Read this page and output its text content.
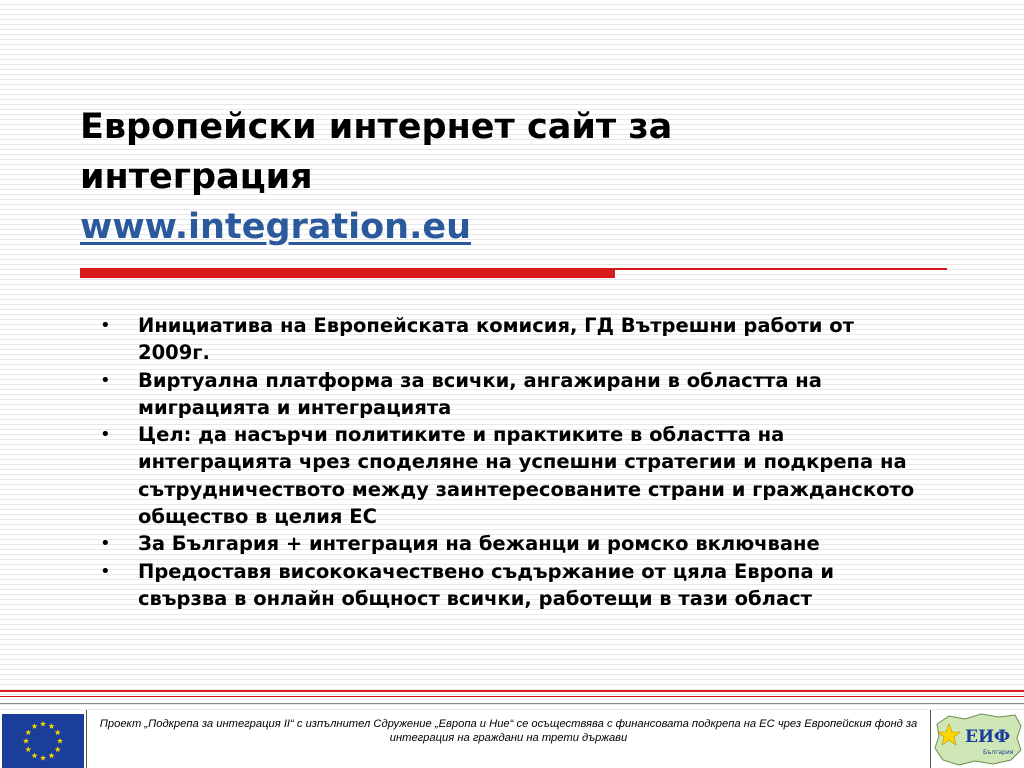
Европейски интернет сайт за
интеграция
www.integration.eu
• Инициатива на Европейската комисия, ГД Вътрешни работи от 2009г.
• Виртуална платформа за всички, ангажирани в областта на миграцията и интеграцията
• Цел: да насърчи политиките и практиките в областта на интеграцията чрез споделяне на успешни стратегии и подкрепа на сътрудничеството между заинтересованите страни и гражданското общество в целия ЕС
• За България + интеграция на бежанци и ромско включване
• Предоставя висококачествено съдържание от цяла Европа и свързва в онлайн общност всички, работещи в тази област

Проект „Подкрепа за интеграция II“ с изпълнител Сдружение „Европа и Ние“ се осъществява с финансовата подкрепа на ЕС чрез Европейския фонд за интеграция на граждани на трети държави	ЕИФ
България
